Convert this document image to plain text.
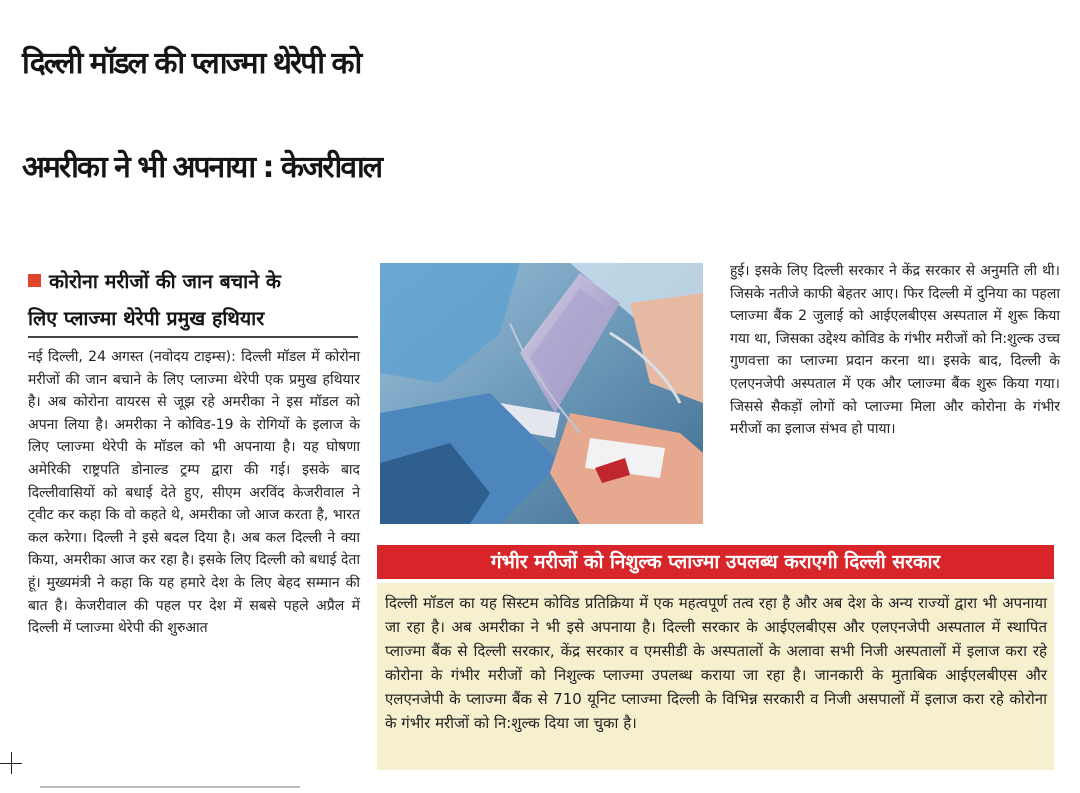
दिल्ली मॉडल की प्लाज्मा थेरेपी को
अमरीका ने भी अपनाया : केजरीवाल
कोरोना मरीजों की जान बचाने के
लिए प्लाज्मा थेरेपी प्रमुख हथियार
नई दिल्ली, 24 अगस्त (नवोदय टाइम्स): दिल्ली मॉडल में कोरोना मरीजों की जान बचाने के लिए प्लाज्मा थेरेपी एक प्रमुख हथियार है। अब कोरोना वायरस से जूझ रहे अमरीका ने इस मॉडल को अपना लिया है। अमरीका ने कोविड-19 के रोगियों के इलाज के लिए प्लाज्मा थेरेपी के मॉडल को भी अपनाया है। यह घोषणा अमेरिकी राष्ट्रपति डोनाल्ड ट्रम्प द्वारा की गई। इसके बाद दिल्लीवासियों को बधाई देते हुए, सीएम अरविंद केजरीवाल ने ट्वीट कर कहा कि वो कहते थे, अमरीका जो आज करता है, भारत कल करेगा। दिल्ली ने इसे बदल दिया है। अब कल दिल्ली ने क्या किया, अमरीका आज कर रहा है। इसके लिए दिल्ली को बधाई देता हूं। मुख्यमंत्री ने कहा कि यह हमारे देश के लिए बेहद सम्मान की बात है। केजरीवाल की पहल पर देश में सबसे पहले अप्रैल में दिल्ली में प्लाज्मा थेरेपी की शुरुआत
हुई। इसके लिए दिल्ली सरकार ने केंद्र सरकार से अनुमति ली थी। जिसके नतीजे काफी बेहतर आए। फिर दिल्ली में दुनिया का पहला प्लाज्मा बैंक 2 जुलाई को आईएलबीएस अस्पताल में शुरू किया गया था, जिसका उद्देश्य कोविड के गंभीर मरीजों को नि:शुल्क उच्च गुणवत्ता का प्लाज्मा प्रदान करना था। इसके बाद, दिल्ली के एलएनजेपी अस्पताल में एक और प्लाज्मा बैंक शुरू किया गया। जिससे सैकड़ों लोगों को प्लाज्मा मिला और कोरोना के गंभीर मरीजों का इलाज संभव हो पाया।
गंभीर मरीजों को निशुल्क प्लाज्मा उपलब्ध कराएगी दिल्ली सरकार
दिल्ली मॉडल का यह सिस्टम कोविड प्रतिक्रिया में एक महत्वपूर्ण तत्व रहा है और अब देश के अन्य राज्यों द्वारा भी अपनाया जा रहा है। अब अमरीका ने भी इसे अपनाया है। दिल्ली सरकार के आईएलबीएस और एलएनजेपी अस्पताल में स्थापित प्लाज्मा बैंक से दिल्ली सरकार, केंद्र सरकार व एमसीडी के अस्पतालों के अलावा सभी निजी अस्पतालों में इलाज करा रहे कोरोना के गंभीर मरीजों को निशुल्क प्लाज्मा उपलब्ध कराया जा रहा है। जानकारी के मुताबिक आईएलबीएस और एलएनजेपी के प्लाज्मा बैंक से 710 यूनिट प्लाज्मा दिल्ली के विभिन्न सरकारी व निजी असपालों में इलाज करा रहे कोरोना के गंभीर मरीजों को नि:शुल्क दिया जा चुका है।
